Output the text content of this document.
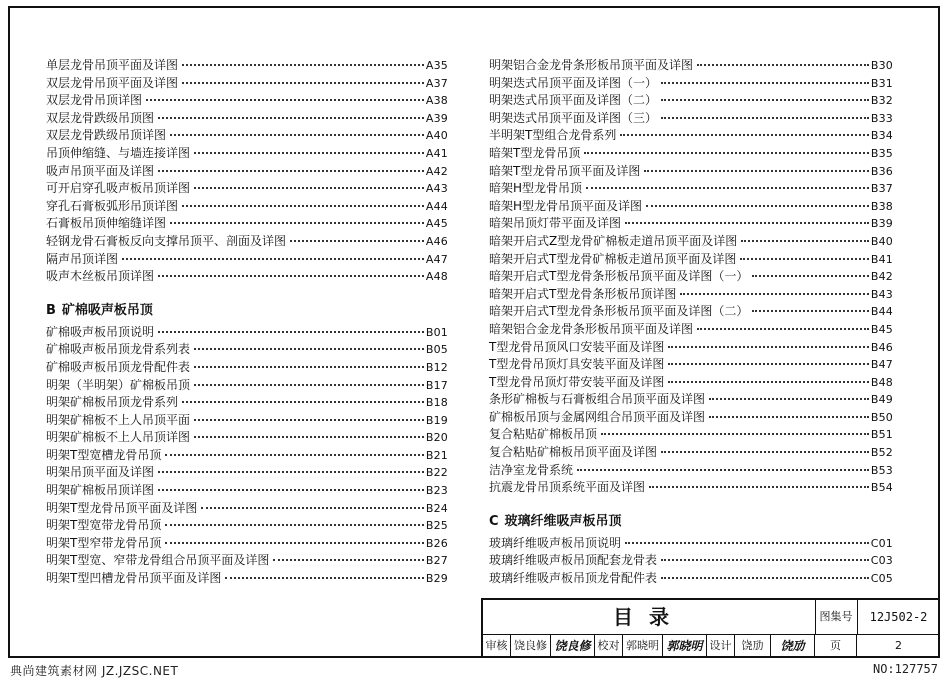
单层龙骨吊顶平面及详图	A35
双层龙骨吊顶平面及详图	A37
双层龙骨吊顶详图	A38
双层龙骨跌级吊顶图	A39
双层龙骨跌级吊顶详图	A40
吊顶伸缩缝、与墙连接详图	A41
吸声吊顶平面及详图	A42
可开启穿孔吸声板吊顶详图	A43
穿孔石膏板弧形吊顶详图	A44
石膏板吊顶伸缩缝详图	A45
轻钢龙骨石膏板反向支撑吊顶平、剖面及详图	A46
隔声吊顶详图	A47
吸声木丝板吊顶详图	A48
B 矿棉吸声板吊顶
矿棉吸声板吊顶说明	B01
矿棉吸声板吊顶龙骨系列表	B05
矿棉吸声板吊顶龙骨配件表	B12
明架（半明架）矿棉板吊顶	B17
明架矿棉板吊顶龙骨系列	B18
明架矿棉板不上人吊顶平面	B19
明架矿棉板不上人吊顶详图	B20
明架T型宽槽龙骨吊顶	B21
明架吊顶平面及详图	B22
明架矿棉板吊顶详图	B23
明架T型龙骨吊顶平面及详图	B24
明架T型宽带龙骨吊顶	B25
明架T型窄带龙骨吊顶	B26
明架T型宽、窄带龙骨组合吊顶平面及详图	B27
明架T型凹槽龙骨吊顶平面及详图	B29
明架铝合金龙骨条形板吊顶平面及详图	B30
明架迭式吊顶平面及详图（一）	B31
明架迭式吊顶平面及详图（二）	B32
明架迭式吊顶平面及详图（三）	B33
半明架T型组合龙骨系列	B34
暗架T型龙骨吊顶	B35
暗架T型龙骨吊顶平面及详图	B36
暗架H型龙骨吊顶	B37
暗架H型龙骨吊顶平面及详图	B38
暗架吊顶灯带平面及详图	B39
暗架开启式Z型龙骨矿棉板走道吊顶平面及详图	B40
暗架开启式T型龙骨矿棉板走道吊顶平面及详图	B41
暗架开启式T型龙骨条形板吊顶平面及详图（一）	B42
暗架开启式T型龙骨条形板吊顶详图	B43
暗架开启式T型龙骨条形板吊顶平面及详图（二）	B44
暗架铝合金龙骨条形板吊顶平面及详图	B45
T型龙骨吊顶风口安装平面及详图	B46
T型龙骨吊顶灯具安装平面及详图	B47
T型龙骨吊顶灯带安装平面及详图	B48
条形矿棉板与石膏板组合吊顶平面及详图	B49
矿棉板吊顶与金属网组合吊顶平面及详图	B50
复合粘贴矿棉板吊顶	B51
复合粘贴矿棉板吊顶平面及详图	B52
洁净室龙骨系统	B53
抗震龙骨吊顶系统平面及详图	B54
C 玻璃纤维吸声板吊顶
玻璃纤维吸声板吊顶说明	C01
玻璃纤维吸声板吊顶配套龙骨表	C03
玻璃纤维吸声板吊顶龙骨配件表	C05
目录	图集号	12J502-2
审核 饶良修 饶良修 校对 郭晓明 郭晓明 设计 饶劢	饶劢	页	2
典尚建筑素材网 JZ.JZSC.NET	NO:127757
